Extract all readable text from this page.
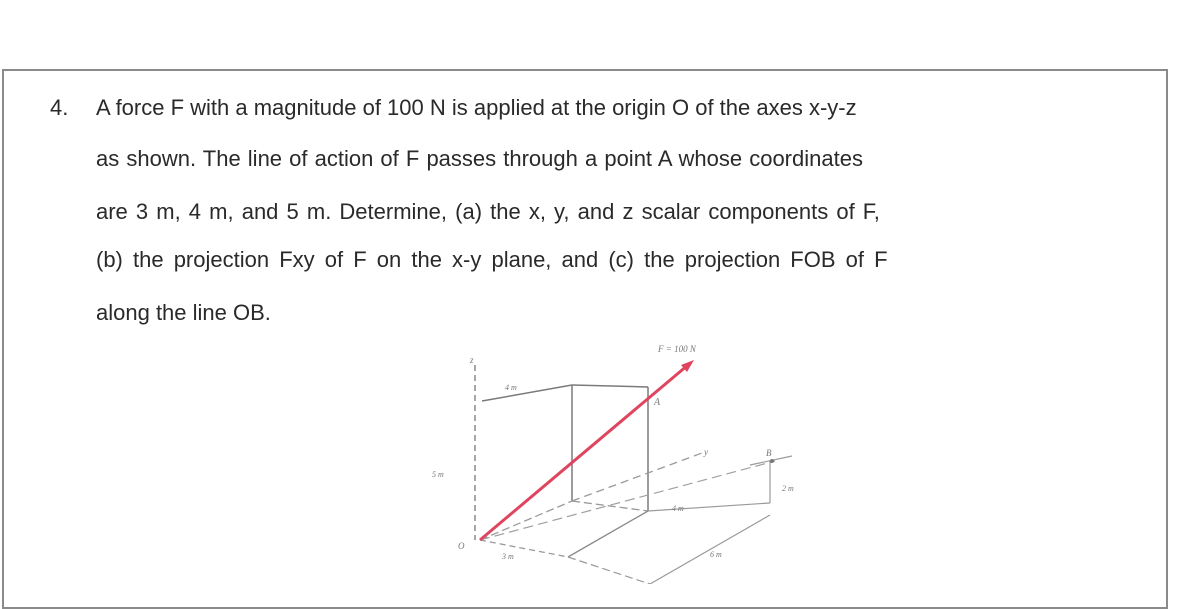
4. A force F with a magnitude of 100 N is applied at the origin O of the axes x-y-z
as shown. The line of action of F passes through a point A whose coordinates
are 3 m, 4 m, and 5 m. Determine, (a) the x, y, and z scalar components of F,
(b) the projection Fxy of F on the x-y plane, and (c) the projection FOB of F
along the line OB.
z
y	B
F = 100 N
A
4 m
5 m
O
3 m
4 m
6 m
2 m
